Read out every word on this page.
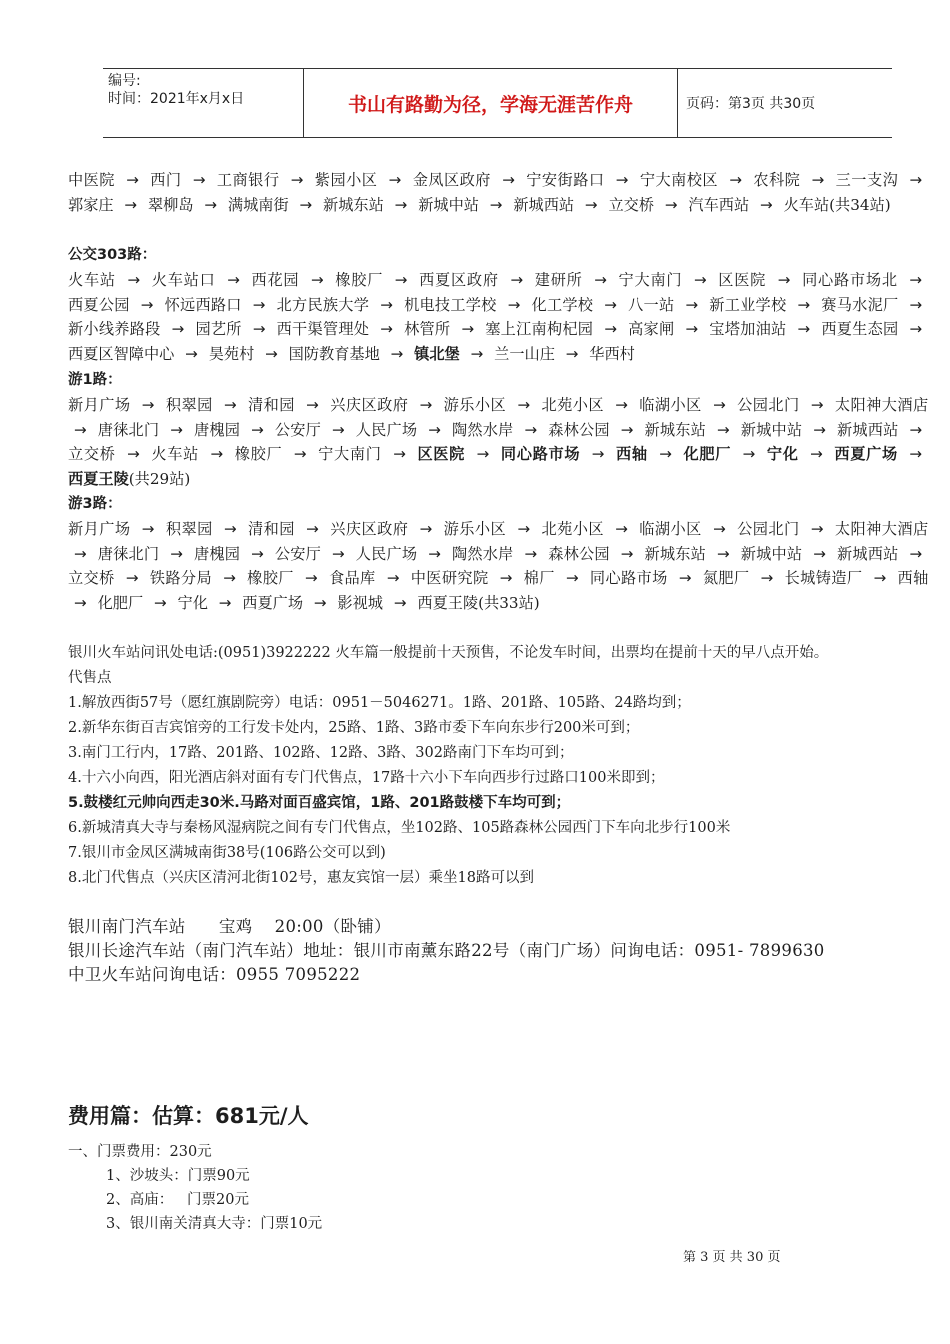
编号:
时间：2021年x月x日	书山有路勤为径，学海无涯苦作舟	页码：第3页 共30页
中医院 → 西门 → 工商银行 → 紫园小区 → 金凤区政府 → 宁安街路口 → 宁大南校区 → 农科院 → 三一支沟 → 郭家庄 → 翠柳岛 → 满城南街 → 新城东站 → 新城中站 → 新城西站 → 立交桥 → 汽车西站 → 火车站(共34站)
公交303路：
火车站 → 火车站口 → 西花园 → 橡胶厂 → 西夏区政府 → 建研所 → 宁大南门 → 区医院 → 同心路市场北 → 西夏公园 → 怀远西路口 → 北方民族大学 → 机电技工学校 → 化工学校 → 八一站 → 新工业学校 → 赛马水泥厂 → 新小线养路段 → 园艺所 → 西干渠管理处 → 林管所 → 塞上江南枸杞园 → 高家闸 → 宝塔加油站 → 西夏生态园 → 西夏区智障中心 → 昊苑村 → 国防教育基地 → 镇北堡 → 兰一山庄 → 华西村
游1路：
新月广场 → 积翠园 → 清和园 → 兴庆区政府 → 游乐小区 → 北苑小区 → 临湖小区 → 公园北门 → 太阳神大酒店 → 唐徕北门 → 唐槐园 → 公安厅 → 人民广场 → 陶然水岸 → 森林公园 → 新城东站 → 新城中站 → 新城西站 → 立交桥 → 火车站 → 橡胶厂 → 宁大南门 → 区医院 → 同心路市场 → 西轴 → 化肥厂 → 宁化 → 西夏广场 → 西夏王陵(共29站)
游3路：
新月广场 → 积翠园 → 清和园 → 兴庆区政府 → 游乐小区 → 北苑小区 → 临湖小区 → 公园北门 → 太阳神大酒店 → 唐徕北门 → 唐槐园 → 公安厅 → 人民广场 → 陶然水岸 → 森林公园 → 新城东站 → 新城中站 → 新城西站 → 立交桥 → 铁路分局 → 橡胶厂 → 食品库 → 中医研究院 → 棉厂 → 同心路市场 → 氮肥厂 → 长城铸造厂 → 西轴 → 化肥厂 → 宁化 → 西夏广场 → 影视城 → 西夏王陵(共33站)
银川火车站问讯处电话:(0951)3922222 火车篇一般提前十天预售，不论发车时间，出票均在提前十天的早八点开始。
代售点
1.解放西街57号（愿红旗剧院旁）电话：0951－5046271。1路、201路、105路、24路均到；
2.新华东街百吉宾馆旁的工行发卡处内，25路、1路、3路市委下车向东步行200米可到；
3.南门工行内，17路、201路、102路、12路、3路、302路南门下车均可到；
4.十六小向西，阳光酒店斜对面有专门代售点，17路十六小下车向西步行过路口100米即到；
5.鼓楼红元帅向西走30米.马路对面百盛宾馆，1路、201路鼓楼下车均可到；
6.新城清真大寺与秦杨风湿病院之间有专门代售点，坐102路、105路森林公园西门下车向北步行100米
7.银川市金凤区满城南街38号(106路公交可以到)
8.北门代售点（兴庆区清河北街102号，惠友宾馆一层）乘坐18路可以到
银川南门汽车站      宝鸡    20:00（卧铺）
银川长途汽车站（南门汽车站）地址：银川市南薰东路22号（南门广场）问询电话：0951- 7899630
中卫火车站问询电话：0955 7095222
费用篇：估算：681元/人
一、门票费用：230元
1、沙坡头：门票90元
2、高庙：   门票20元
3、银川南关清真大寺：门票10元
第 3 页 共 30 页
